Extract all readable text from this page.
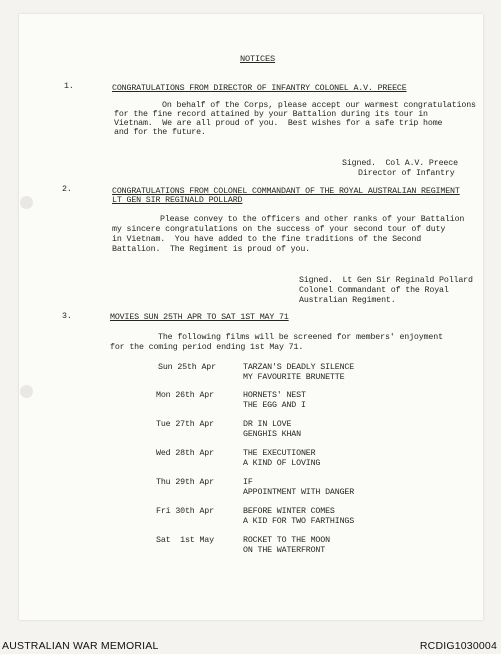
NOTICES
1.	CONGRATULATIONS FROM DIRECTOR OF INFANTRY COLONEL A.V. PREECE
On behalf of the Corps, please accept our warmest congratulations
for the fine record attained by your Battalion during its tour in
Vietnam.  We are all proud of you.  Best wishes for a safe trip home
and for the future.
Signed.  Col A.V. Preece
Director of Infantry
2.	CONGRATULATIONS FROM COLONEL COMMANDANT OF THE ROYAL AUSTRALIAN REGIMENT
LT GEN SIR REGINALD POLLARD
Please convey to the officers and other ranks of your Battalion
my sincere congratulations on the success of your second tour of duty
in Vietnam.  You have added to the fine traditions of the Second
Battalion.  The Regiment is proud of you.
Signed.  Lt Gen Sir Reginald Pollard
Colonel Commandant of the Royal
Australian Regiment.
3.	MOVIES SUN 25TH APR TO SAT 1ST MAY 71
The following films will be screened for members' enjoyment
for the coming period ending 1st May 71.
Sun 25th Apr	TARZAN'S DEADLY SILENCE
MY FAVOURITE BRUNETTE
Mon 26th Apr	HORNETS' NEST
THE EGG AND I
Tue 27th Apr	DR IN LOVE
GENGHIS KHAN
Wed 28th Apr	THE EXECUTIONER
A KIND OF LOVING
Thu 29th Apr	IF
APPOINTMENT WITH DANGER
Fri 30th Apr	BEFORE WINTER COMES
A KID FOR TWO FARTHINGS
Sat  1st May	ROCKET TO THE MOON
ON THE WATERFRONT
AUSTRALIAN WAR MEMORIAL	RCDIG1030004
